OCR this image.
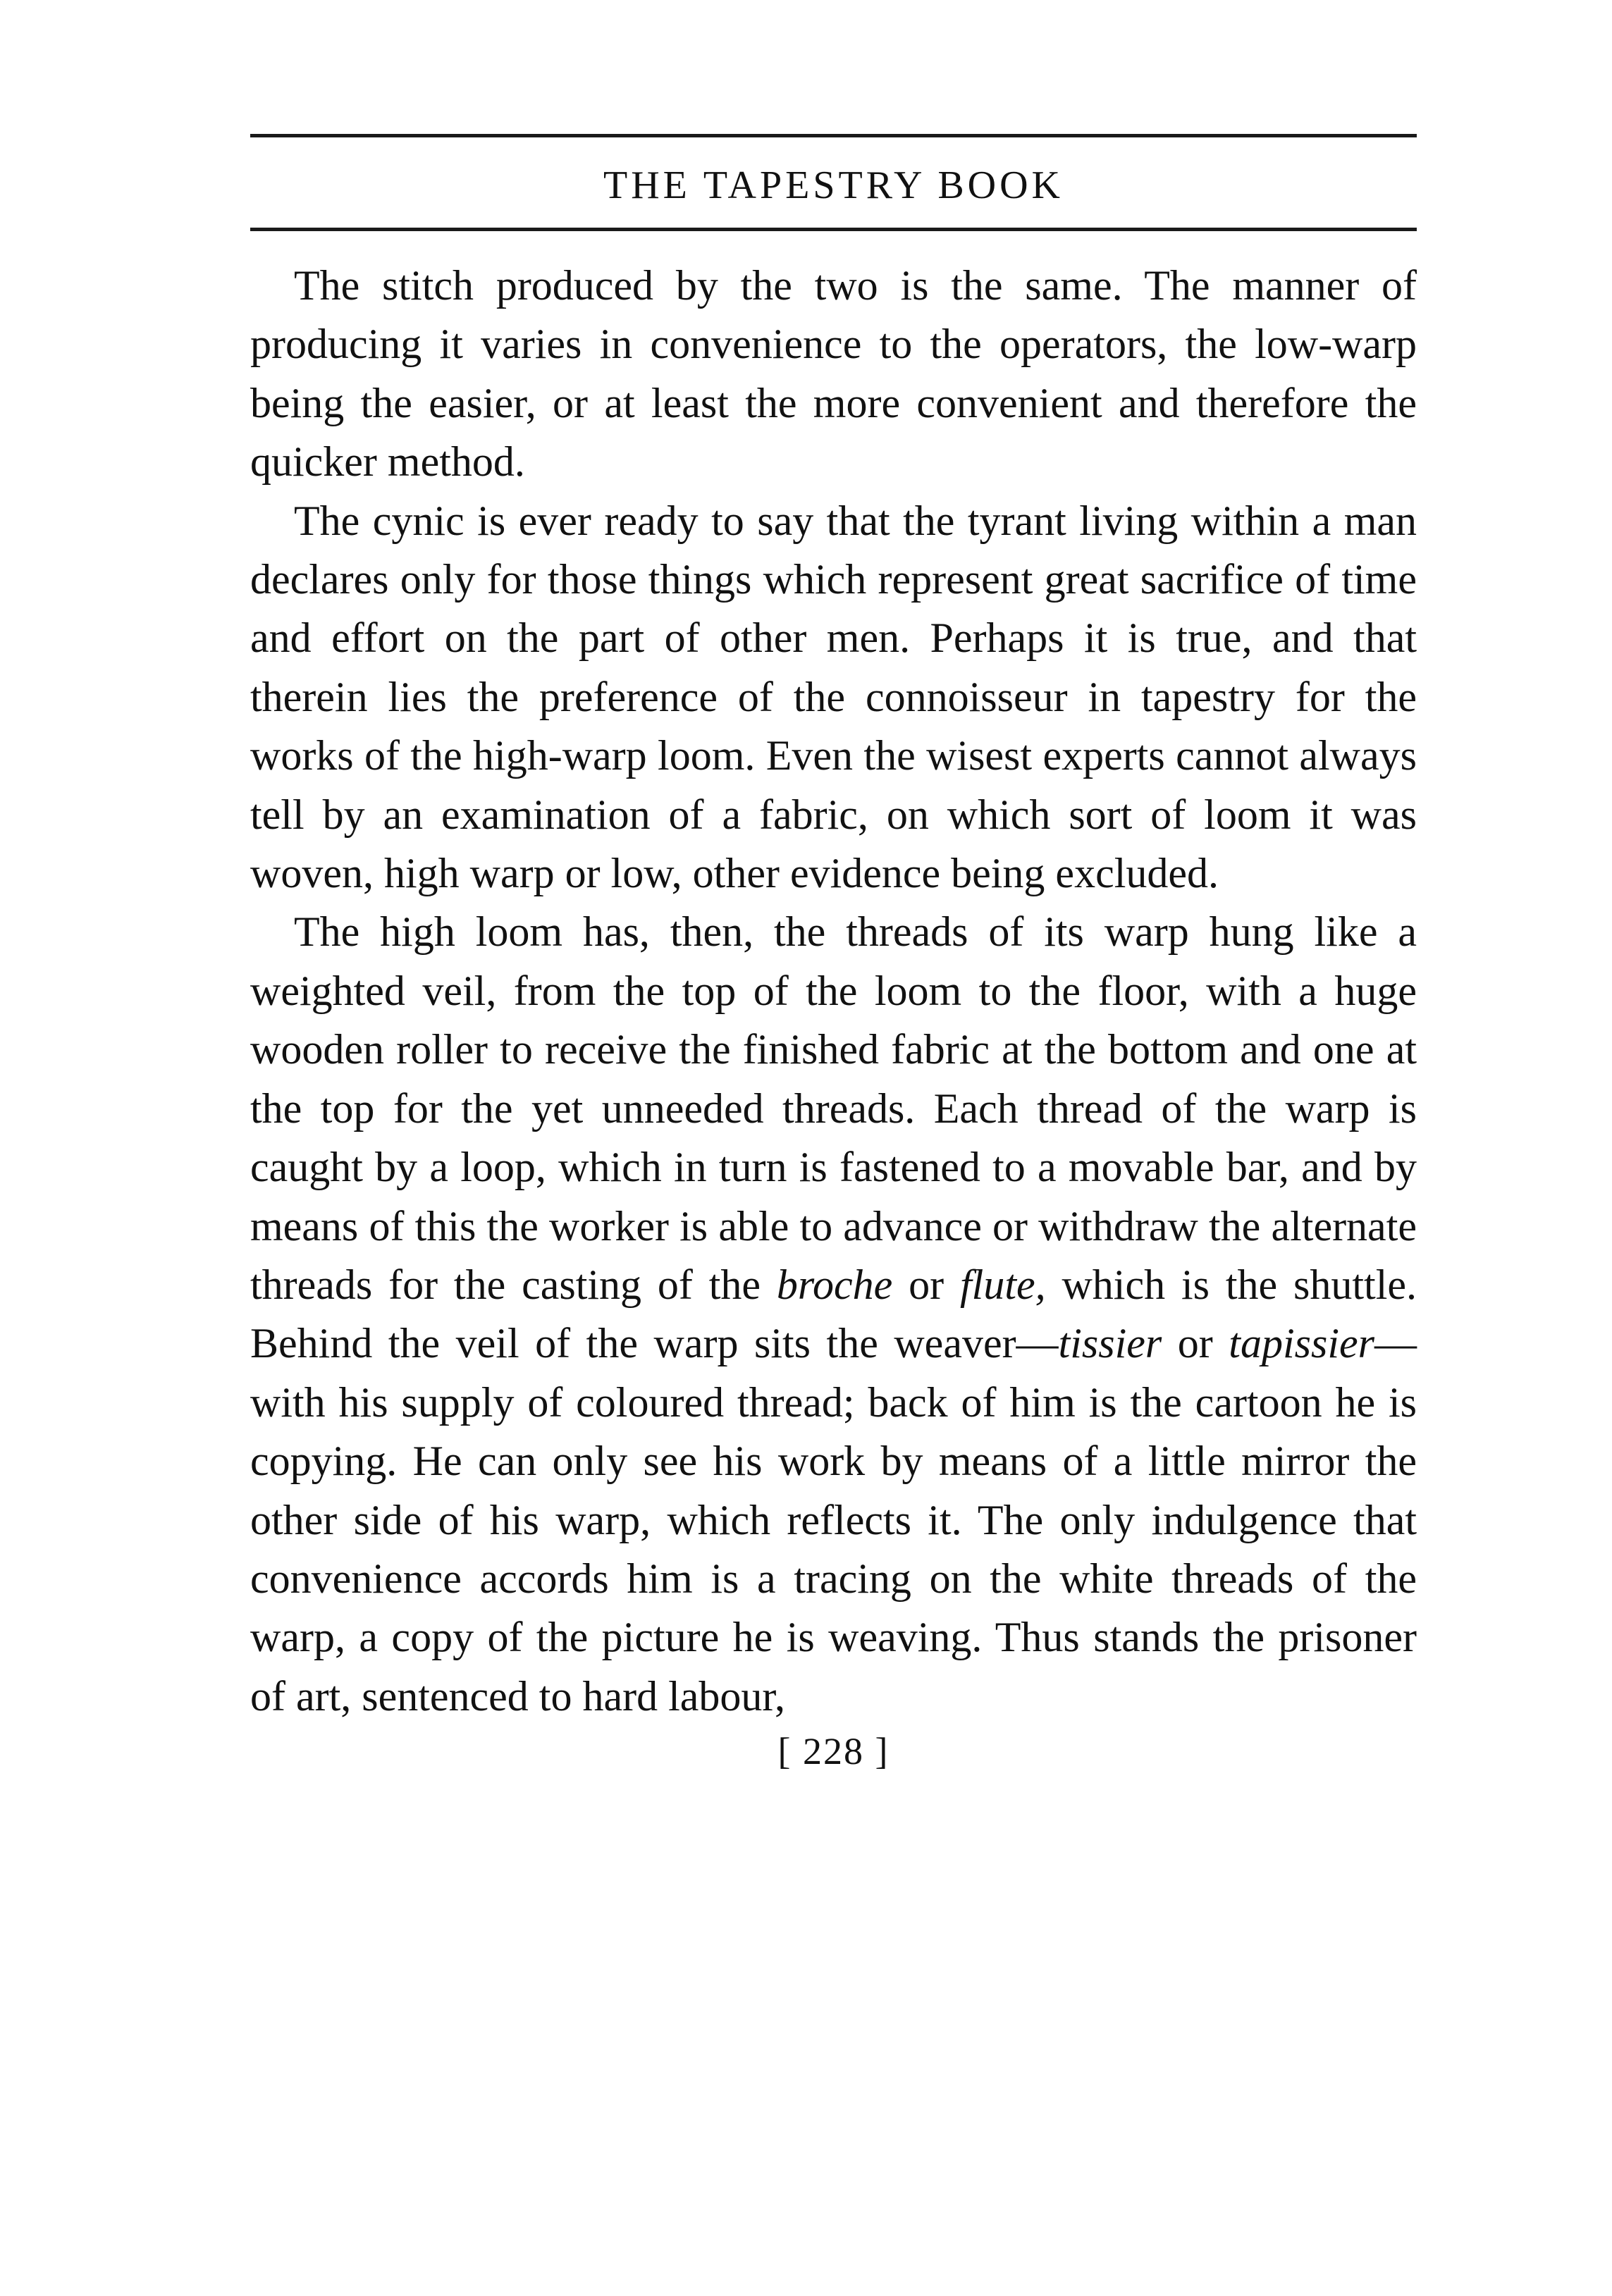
THE TAPESTRY BOOK

The stitch produced by the two is the same. The manner of producing it varies in convenience to the operators, the low-warp being the easier, or at least the more convenient and therefore the quicker method.

The cynic is ever ready to say that the tyrant living within a man declares only for those things which represent great sacrifice of time and effort on the part of other men. Perhaps it is true, and that therein lies the preference of the connoisseur in tapestry for the works of the high-warp loom. Even the wisest experts cannot always tell by an examination of a fabric, on which sort of loom it was woven, high warp or low, other evidence being excluded.

The high loom has, then, the threads of its warp hung like a weighted veil, from the top of the loom to the floor, with a huge wooden roller to receive the finished fabric at the bottom and one at the top for the yet unneeded threads. Each thread of the warp is caught by a loop, which in turn is fastened to a movable bar, and by means of this the worker is able to advance or withdraw the alternate threads for the casting of the broche or flute, which is the shuttle. Behind the veil of the warp sits the weaver—tissier or tapissier—with his supply of coloured thread; back of him is the cartoon he is copying. He can only see his work by means of a little mirror the other side of his warp, which reflects it. The only indulgence that convenience accords him is a tracing on the white threads of the warp, a copy of the picture he is weaving. Thus stands the prisoner of art, sentenced to hard labour,

[ 228 ]
